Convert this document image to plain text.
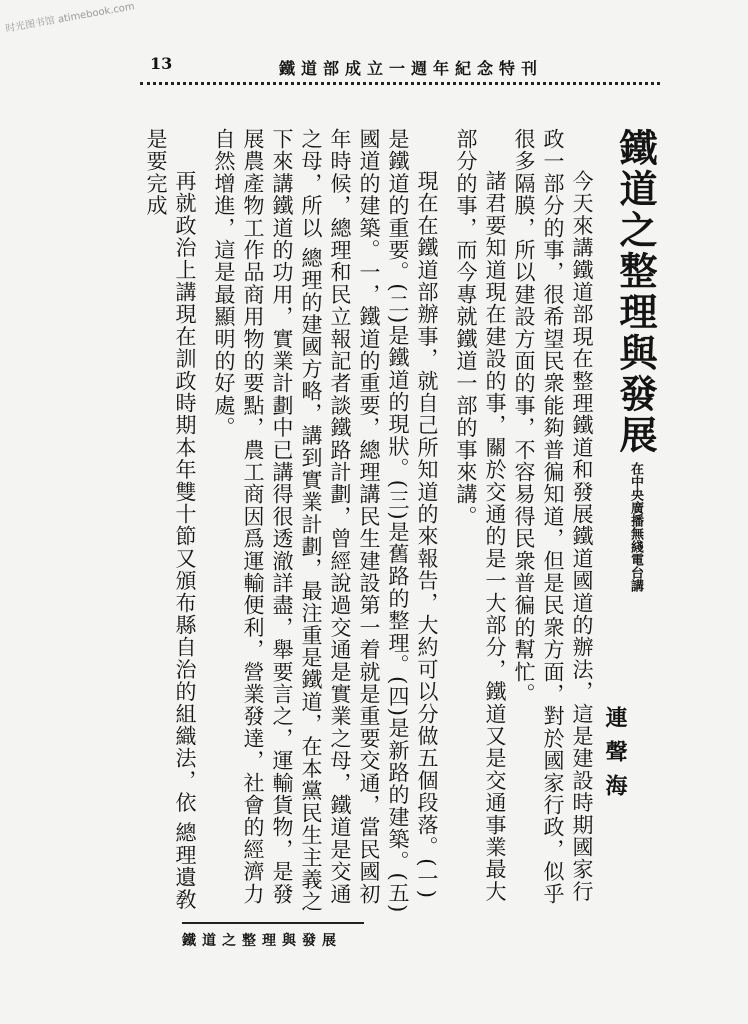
时光图书馆 atimebook.com
13	鐵道部成立一週年紀念特刊
鐵道之整理與發展在中央廣播無綫電台講

今天來講鐵道部現在整理鐵道和發展鐵道國道的辦法，這是建設時期國家行政一部分的事，很希望民衆能夠普徧知道，但是民衆方面，對於國家行政，似乎很多隔膜，所以建設方面的事，不容易得民衆普徧的幫忙。

諸君要知道現在建設的事，關於交通的是一大部分，鐵道又是交通事業最大部分的事，而今專就鐵道一部的事來講。

現在在鐵道部辦事，就自己所知道的來報告，大約可以分做五個段落。(一)是鐵道的重要。(二)是鐵道的現狀。(三)是舊路的整理。(四)是新路的建築。(五)國道的建築。一，鐵道的重要，總理講民生建設第一着就是重要交通，當民國初年時候，總理和民立報記者談鐵路計劃，曾經說過交通是實業之母，鐵道是交通之母，所以 總理的建國方略，講到實業計劃，最注重是鐵道，在本黨民生主義之下來講鐵道的功用，實業計劃中已講得很透澈詳盡，舉要言之，運輸貨物，是發展農產物工作品商用物的要點，農工商因爲運輸便利，營業發達，社會的經濟力自然增進，這是最顯明的好處。

再就政治上講現在訓政時期本年雙十節又頒布縣自治的組織法，依 總理遺敎是要完成

連聲海
鐵道之整理與發展
